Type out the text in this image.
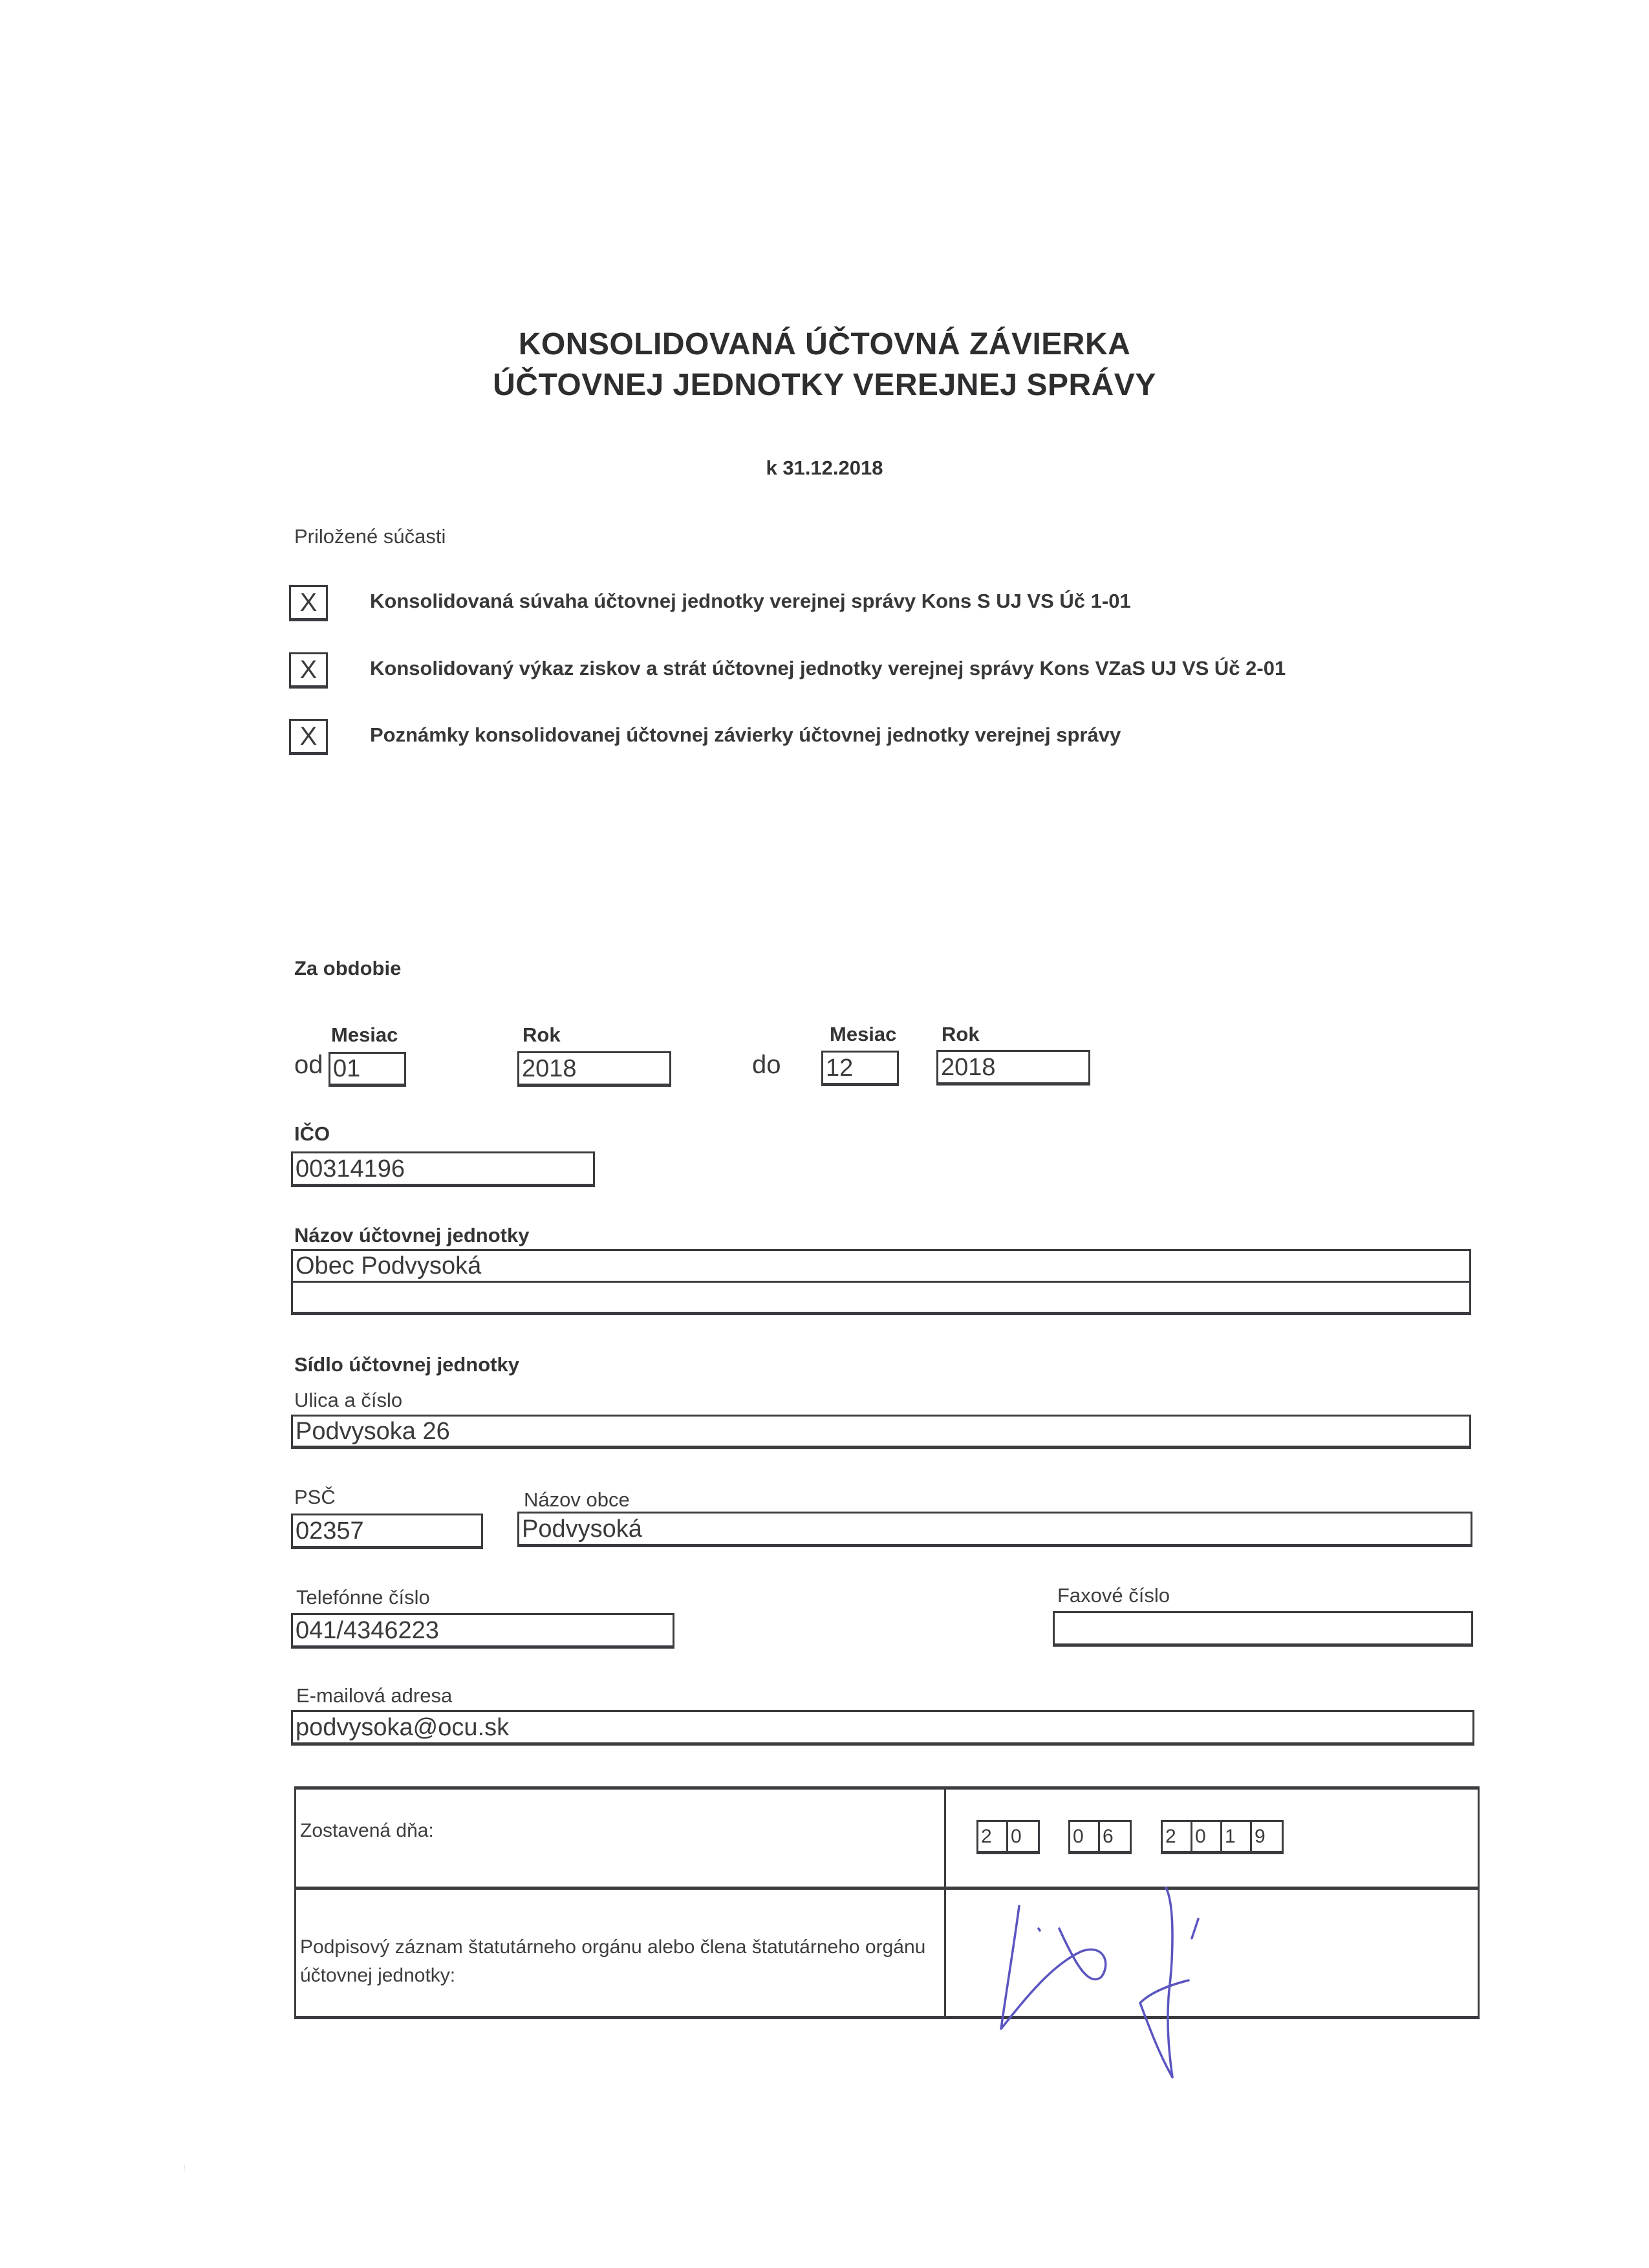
KONSOLIDOVANÁ ÚČTOVNÁ ZÁVIERKA
ÚČTOVNEJ JEDNOTKY VEREJNEJ SPRÁVY
k 31.12.2018
Priložené súčasti
X	Konsolidovaná súvaha účtovnej jednotky verejnej správy Kons S UJ VS Úč 1-01
X	Konsolidovaný výkaz ziskov a strát účtovnej jednotky verejnej správy Kons VZaS UJ VS Úč 2-01
X	Poznámky konsolidovanej účtovnej závierky účtovnej jednotky verejnej správy
Za obdobie
Mesiac	Rok
od 01	2018
Mesiac Rok
do 12	2018
IČO
00314196
Názov účtovnej jednotky
Obec Podvysoká
Sídlo účtovnej jednotky
Ulica a číslo
Podvysoka 26
PSČ
02357
Názov obce
Podvysoká
Telefónne číslo
041/4346223
Faxové číslo
E-mailová adresa
podvysoka@ocu.sk
Zostavená dňa:	2 0	0 6	2 0 1 9
Podpisový záznam štatutárneho orgánu alebo člena štatutárneho orgánu účtovnej jednotky:
⁝
